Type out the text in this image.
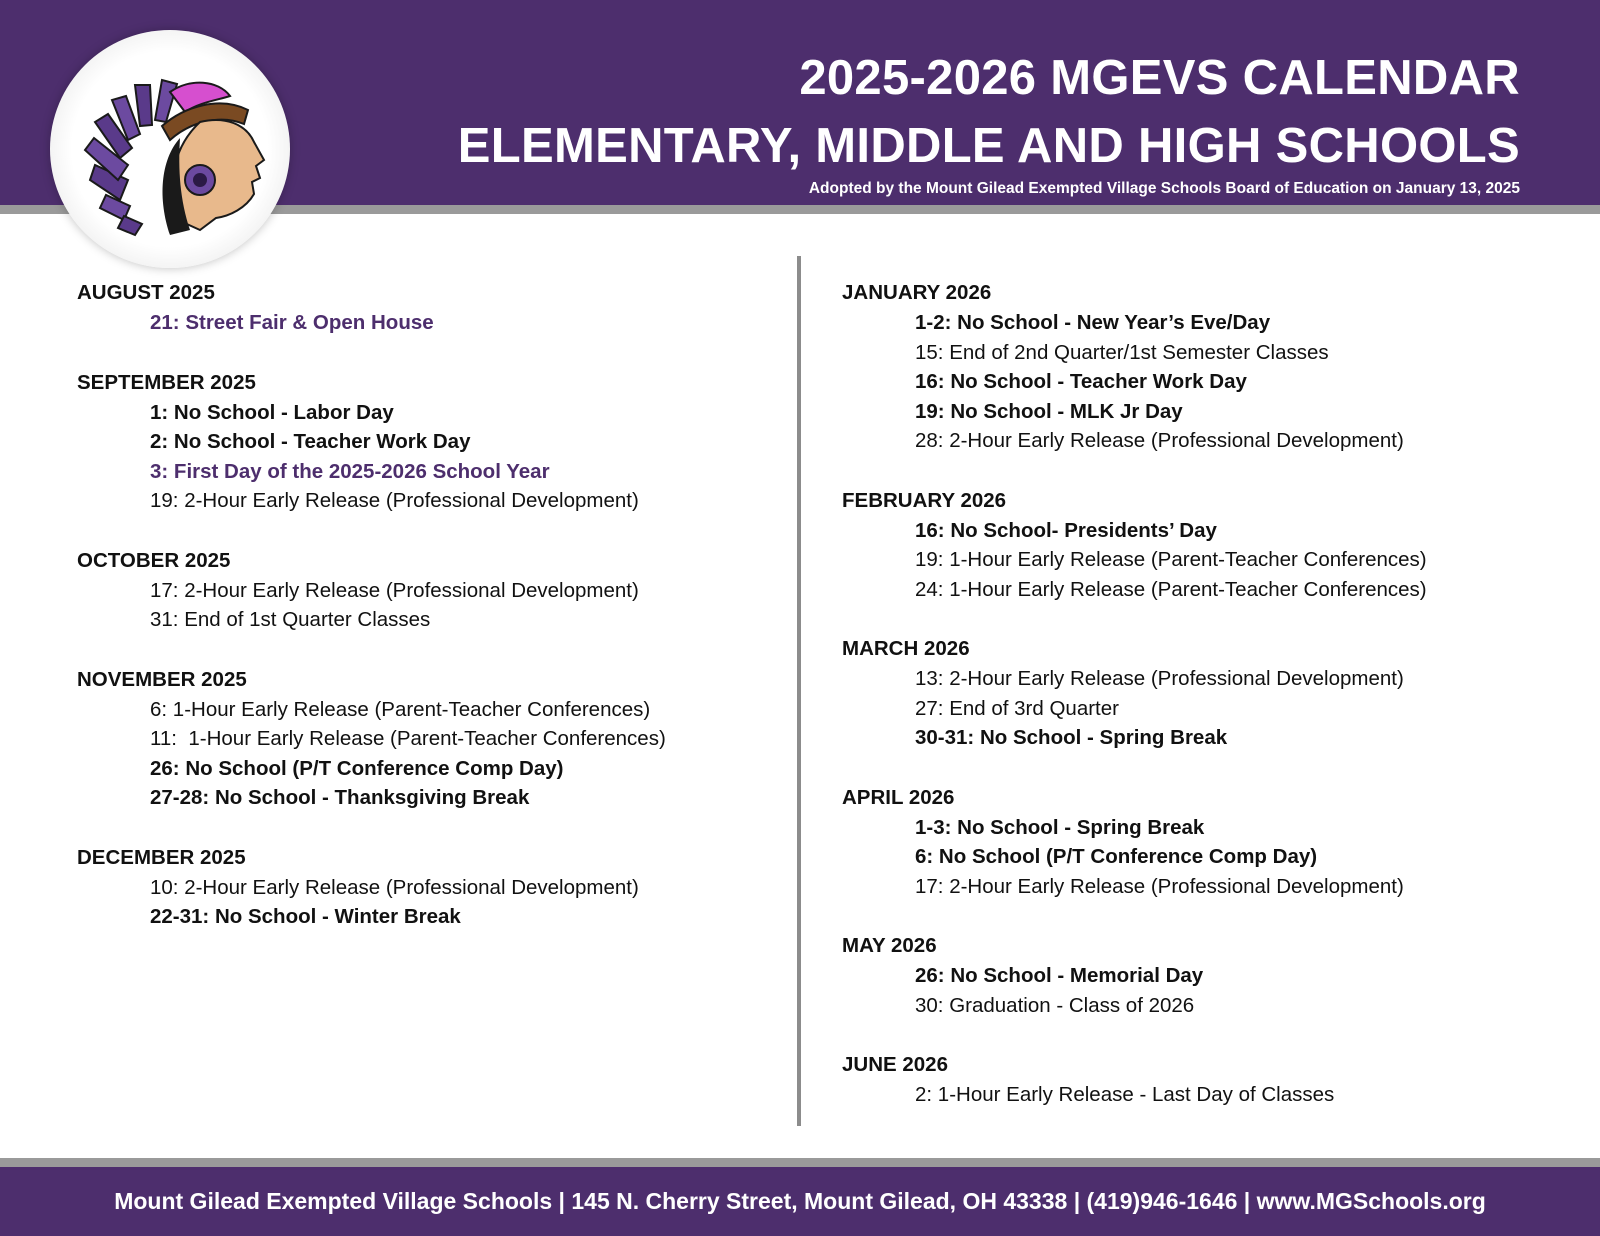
2025-2026 MGEVS CALENDAR
ELEMENTARY, MIDDLE AND HIGH SCHOOLS
Adopted by the Mount Gilead Exempted Village Schools Board of Education on January 13, 2025
AUGUST 2025
21: Street Fair & Open House
SEPTEMBER 2025
1: No School - Labor Day
2: No School - Teacher Work Day
3: First Day of the 2025-2026 School Year
19: 2-Hour Early Release (Professional Development)
OCTOBER 2025
17: 2-Hour Early Release (Professional Development)
31: End of 1st Quarter Classes
NOVEMBER 2025
6: 1-Hour Early Release (Parent-Teacher Conferences)
11:  1-Hour Early Release (Parent-Teacher Conferences)
26: No School (P/T Conference Comp Day)
27-28: No School - Thanksgiving Break
DECEMBER 2025
10: 2-Hour Early Release (Professional Development)
22-31: No School - Winter Break
JANUARY 2026
1-2: No School - New Year’s Eve/Day
15: End of 2nd Quarter/1st Semester Classes
16: No School - Teacher Work Day
19: No School - MLK Jr Day
28: 2-Hour Early Release (Professional Development)
FEBRUARY 2026
16: No School- Presidents’ Day
19: 1-Hour Early Release (Parent-Teacher Conferences)
24: 1-Hour Early Release (Parent-Teacher Conferences)
MARCH 2026
13: 2-Hour Early Release (Professional Development)
27: End of 3rd Quarter
30-31: No School - Spring Break
APRIL 2026
1-3: No School - Spring Break
6: No School (P/T Conference Comp Day)
17: 2-Hour Early Release (Professional Development)
MAY 2026
26: No School - Memorial Day
30: Graduation - Class of 2026
JUNE 2026
2: 1-Hour Early Release - Last Day of Classes
Mount Gilead Exempted Village Schools | 145 N. Cherry Street, Mount Gilead, OH 43338 | (419)946-1646 | www.MGSchools.org
